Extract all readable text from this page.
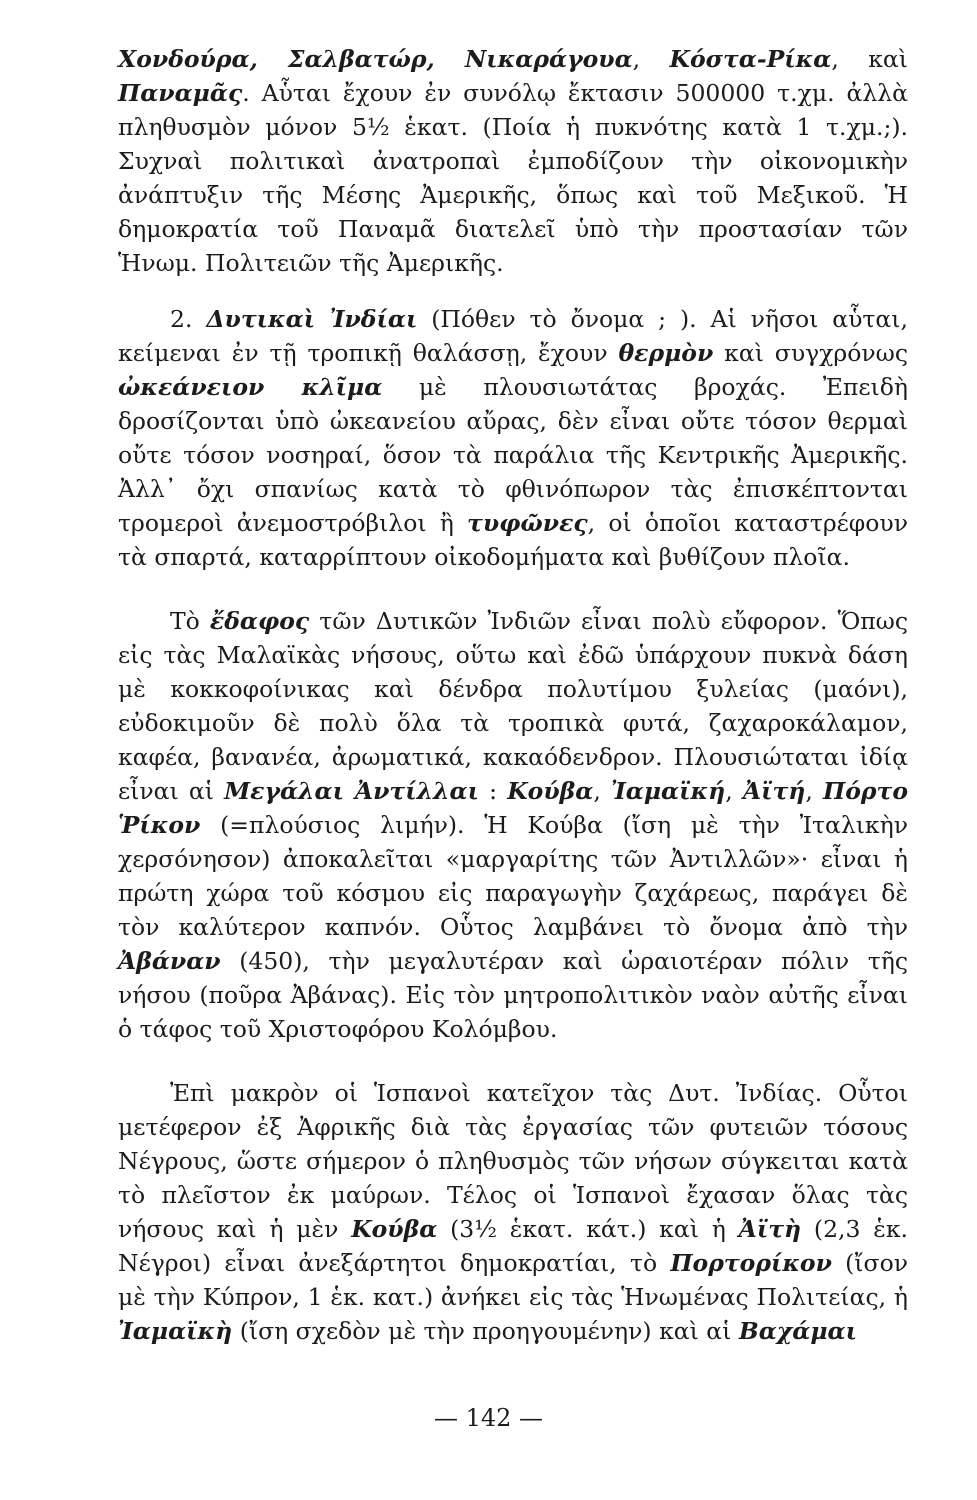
Χονδούρα, Σαλβατώρ, Νικαράγουα, Κόστα-Ρίκα, καὶ Παναμᾶς. Αὗται ἔχουν ἐν συνόλῳ ἔκτασιν 500000 τ.χμ. ἀλλὰ πληθυσμὸν μόνον 5½ ἑκατ. (Ποία ἡ πυκνότης κατὰ 1 τ.χμ.;). Συχναὶ πολιτικαὶ ἀνατροπαὶ ἐμποδίζουν τὴν οἰκονομικὴν ἀνάπτυξιν τῆς Μέσης Ἀμερικῆς, ὅπως καὶ τοῦ Μεξικοῦ. Ἡ δημοκρατία τοῦ Παναμᾶ διατελεῖ ὑπὸ τὴν προστασίαν τῶν Ἡνωμ. Πολιτειῶν τῆς Ἀμερικῆς.

2. Δυτικαὶ Ἰνδίαι (Πόθεν τὸ ὄνομα ; ). Αἱ νῆσοι αὗται, κείμεναι ἐν τῇ τροπικῇ θαλάσσῃ, ἔχουν θερμὸν καὶ συγχρόνως ὠκεάνειον κλῖμα μὲ πλουσιωτάτας βροχάς. Ἐπειδὴ δροσίζονται ὑπὸ ὠκεανείου αὔρας, δὲν εἶναι οὔτε τόσον θερμαὶ οὔτε τόσον νοσηραί, ὅσον τὰ παράλια τῆς Κεντρικῆς Ἀμερικῆς. Ἀλλ᾽ ὄχι σπανίως κατὰ τὸ φθινόπωρον τὰς ἐπισκέπτονται τρομεροὶ ἀνεμοστρόβιλοι ἢ τυφῶνες, οἱ ὁποῖοι καταστρέφουν τὰ σπαρτά, καταρρίπτουν οἰκοδομήματα καὶ βυθίζουν πλοῖα.

Τὸ ἔδαφος τῶν Δυτικῶν Ἰνδιῶν εἶναι πολὺ εὔφορον. Ὅπως εἰς τὰς Μαλαϊκὰς νήσους, οὕτω καὶ ἐδῶ ὑπάρχουν πυκνὰ δάση μὲ κοκκοφοίνικας καὶ δένδρα πολυτίμου ξυλείας (μαόνι), εὐδοκιμοῦν δὲ πολὺ ὅλα τὰ τροπικὰ φυτά, ζαχαροκάλαμον, καφέα, βανανέα, ἀρωματικά, κακαόδενδρον. Πλουσιώταται ἰδίᾳ εἶναι αἱ Μεγάλαι Ἀντίλλαι : Κούβα, Ἰαμαϊκή, Ἀϊτή, Πόρτο Ῥίκον (=πλούσιος λιμήν). Ἡ Κούβα (ἴση μὲ τὴν Ἰταλικὴν χερσόνησον) ἀποκαλεῖται «μαργαρίτης τῶν Ἀντιλλῶν»· εἶναι ἡ πρώτη χώρα τοῦ κόσμου εἰς παραγωγὴν ζαχάρεως, παράγει δὲ τὸν καλύτερον καπνόν. Οὗτος λαμβάνει τὸ ὄνομα ἀπὸ τὴν Ἀβάναν (450), τὴν μεγαλυτέραν καὶ ὡραιοτέραν πόλιν τῆς νήσου (ποῦρα Ἀβάνας). Εἰς τὸν μητροπολιτικὸν ναὸν αὐτῆς εἶναι ὁ τάφος τοῦ Χριστοφόρου Κολόμβου.

Ἐπὶ μακρὸν οἱ Ἱσπανοὶ κατεῖχον τὰς Δυτ. Ἰνδίας. Οὗτοι μετέφερον ἐξ Ἀφρικῆς διὰ τὰς ἐργασίας τῶν φυτειῶν τόσους Νέγρους, ὥστε σήμερον ὁ πληθυσμὸς τῶν νήσων σύγκειται κατὰ τὸ πλεῖστον ἐκ μαύρων. Τέλος οἱ Ἱσπανοὶ ἔχασαν ὅλας τὰς νήσους καὶ ἡ μὲν Κούβα (3½ ἑκατ. κάτ.) καὶ ἡ Ἀϊτὴ (2,3 ἑκ. Νέγροι) εἶναι ἀνεξάρτητοι δημοκρατίαι, τὸ Πορτορίκον (ἴσον μὲ τὴν Κύπρον, 1 ἑκ. κατ.) ἀνήκει εἰς τὰς Ἡνωμένας Πολιτείας, ἡ Ἰαμαϊκὴ (ἴση σχεδὸν μὲ τὴν προηγουμένην) καὶ αἱ Βαχάμαι

— 142 —
